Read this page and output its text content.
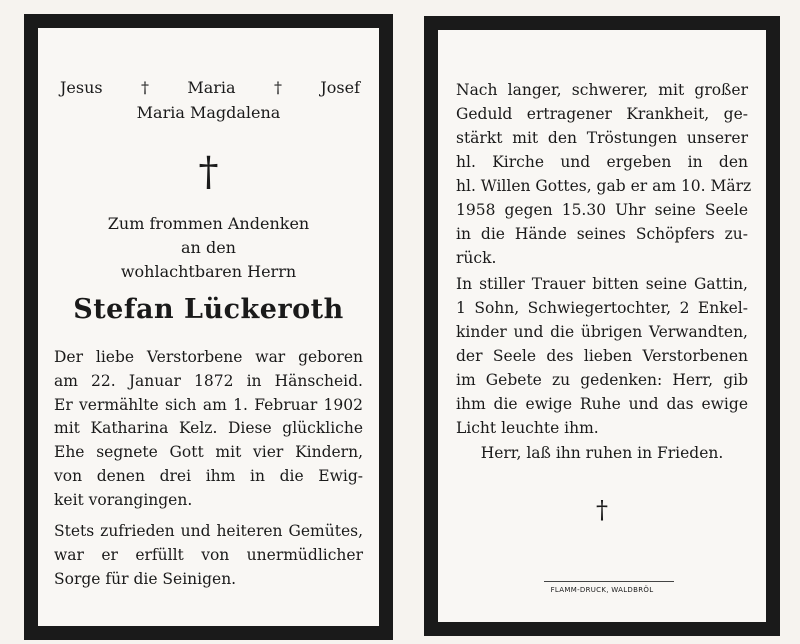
Jesus † Maria † Josef
Maria Magdalena
†
Zum frommen Andenken
an den
wohlachtbaren Herrn
Stefan Lückeroth
Der liebe Verstorbene war geboren
am 22. Januar 1872 in Hänscheid.
Er vermählte sich am 1. Februar 1902
mit Katharina Kelz. Diese glückliche
Ehe segnete Gott mit vier Kindern,
von denen drei ihm in die Ewig-
keit vorangingen.
Stets zufrieden und heiteren Gemütes,
war er erfüllt von unermüdlicher
Sorge für die Seinigen.
Nach langer, schwerer, mit großer
Geduld ertragener Krankheit, ge-
stärkt mit den Tröstungen unserer
hl. Kirche und ergeben in den
hl. Willen Gottes, gab er am 10. März
1958 gegen 15.30 Uhr seine Seele
in die Hände seines Schöpfers zu-
rück.
In stiller Trauer bitten seine Gattin,
1 Sohn, Schwiegertochter, 2 Enkel-
kinder und die übrigen Verwandten,
der Seele des lieben Verstorbenen
im Gebete zu gedenken: Herr, gib
ihm die ewige Ruhe und das ewige
Licht leuchte ihm.
Herr, laß ihn ruhen in Frieden.
†
FLAMM-DRUCK, WALDBRÖL
